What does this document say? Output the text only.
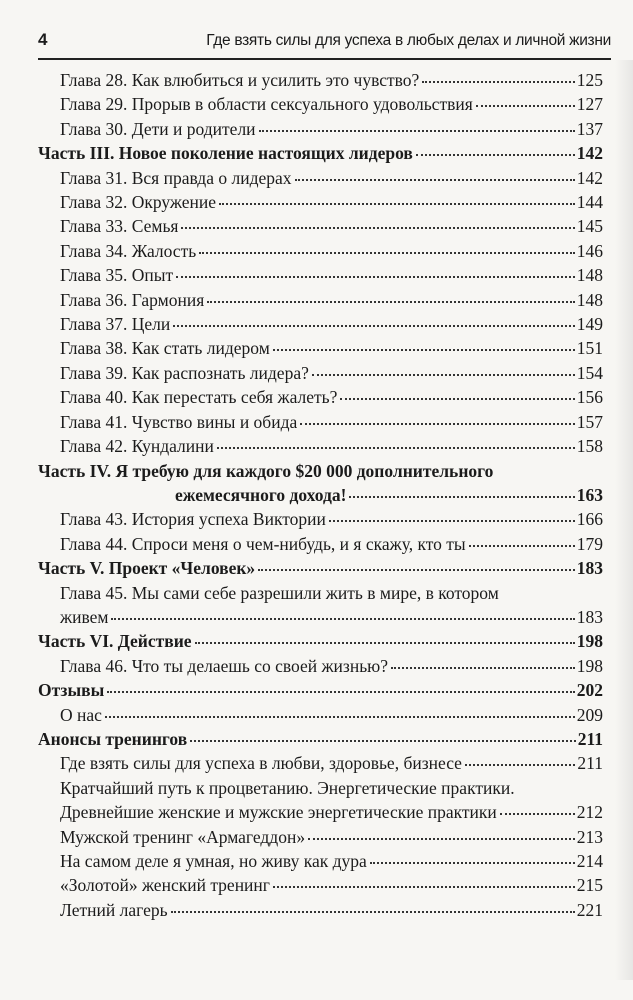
4	Где взять силы для успеха в любых делах и личной жизни
Глава 28. Как влюбиться и усилить это чувство?	125
Глава 29. Прорыв в области сексуального удовольствия	127
Глава 30. Дети и родители	137
Часть III. Новое поколение настоящих лидеров	142
Глава 31. Вся правда о лидерах	142
Глава 32. Окружение	144
Глава 33. Семья	145
Глава 34. Жалость	146
Глава 35. Опыт	148
Глава 36. Гармония	148
Глава 37. Цели	149
Глава 38. Как стать лидером	151
Глава 39. Как распознать лидера?	154
Глава 40. Как перестать себя жалеть?	156
Глава 41. Чувство вины и обида	157
Глава 42. Кундалини	158
Часть IV. Я требую для каждого $20 000 дополнительного
ежемесячного дохода!	163
Глава 43. История успеха Виктории	166
Глава 44. Спроси меня о чем-нибудь, и я скажу, кто ты	179
Часть V. Проект «Человек»	183
Глава 45. Мы сами себе разрешили жить в мире, в котором
живем	183
Часть VI. Действие	198
Глава 46. Что ты делаешь со своей жизнью?	198
Отзывы	202
О нас	209
Анонсы тренингов	211
Где взять силы для успеха в любви, здоровье, бизнесе	211
Кратчайший путь к процветанию. Энергетические практики.
Древнейшие женские и мужские энергетические практики	212
Мужской тренинг «Армагеддон»	213
На самом деле я умная, но живу как дура	214
«Золотой» женский тренинг	215
Летний лагерь	221
